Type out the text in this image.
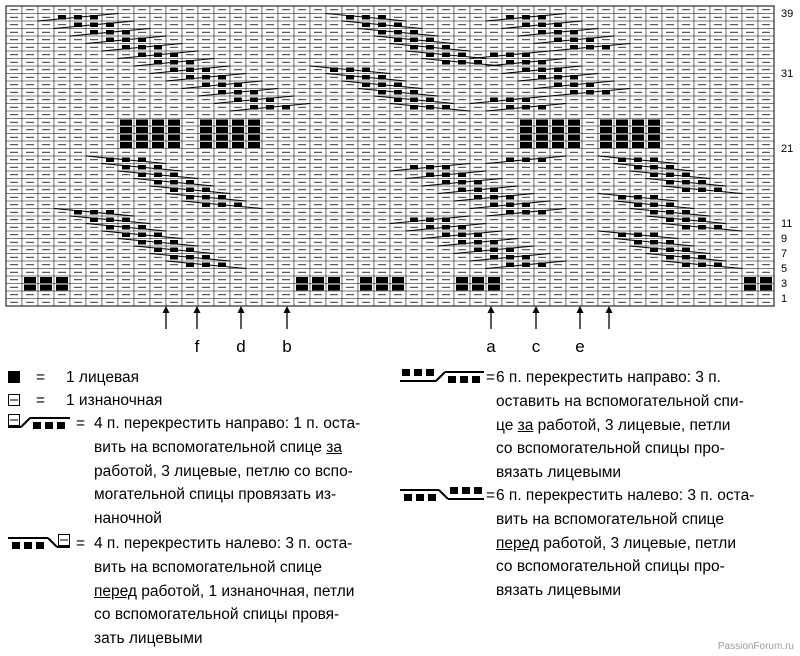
39
31
21
11
9
7
5
3
1
f	d	b	a	c	e
= 1 лицевая
= 1 изнаночная
= 4 п. перекрестить направо: 1 п. оста-
вить на вспомогательной спице за
работой, 3 лицевые, петлю со вспо-
могательной спицы провязать из-
наночной
= 4 п. перекрестить налево: 3 п. оста-
вить на вспомогательной спице
перед работой, 1 изнаночная, петли
со вспомогательной спицы провя-
зать лицевыми
= 6 п. перекрестить направо: 3 п.
оставить на вспомогательной спи-
це за работой, 3 лицевые, петли
со вспомогательной спицы про-
вязать лицевыми
= 6 п. перекрестить налево: 3 п. оста-
вить на вспомогательной спице
перед работой, 3 лицевые, петли
со вспомогательной спицы про-
вязать лицевыми
PassionForum.ru
